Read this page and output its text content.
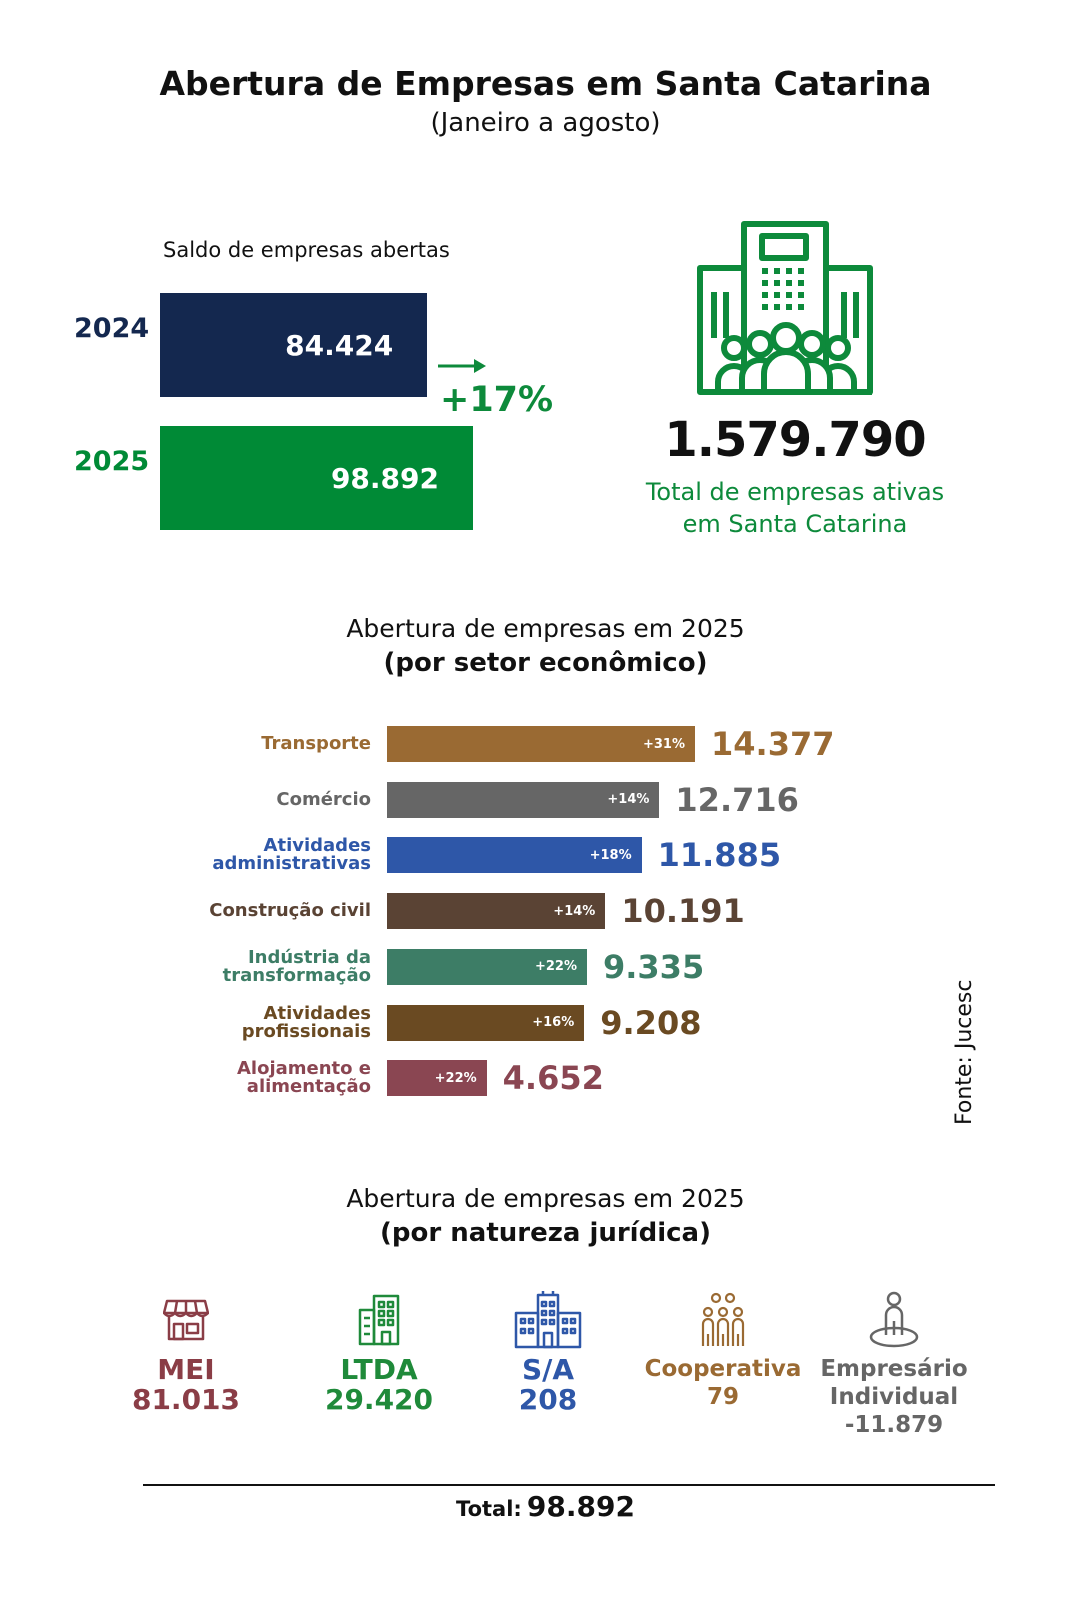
Abertura de Empresas em Santa Catarina
(Janeiro a agosto)
Saldo de empresas abertas
2024	84.424
2025	98.892
+17%
1.579.790
Total de empresas ativas
em Santa Catarina
Abertura de empresas em 2025
(por setor econômico)
Transporte	+31% 14.377
Comércio	+14% 12.716
Atividades
administrativas	+18% 11.885
Construção civil	+14% 10.191
Indústria da
transformação	+22% 9.335
Atividades
profissionais	+16% 9.208
Alojamento e
alimentação	+22% 4.652	Fonte: Jucesc
Abertura de empresas em 2025
(por natureza jurídica)
MEI
81.013
LTDA
29.420
S/A
208
Cooperativa
79
Empresário
Individual
-11.879
Total: 98.892
